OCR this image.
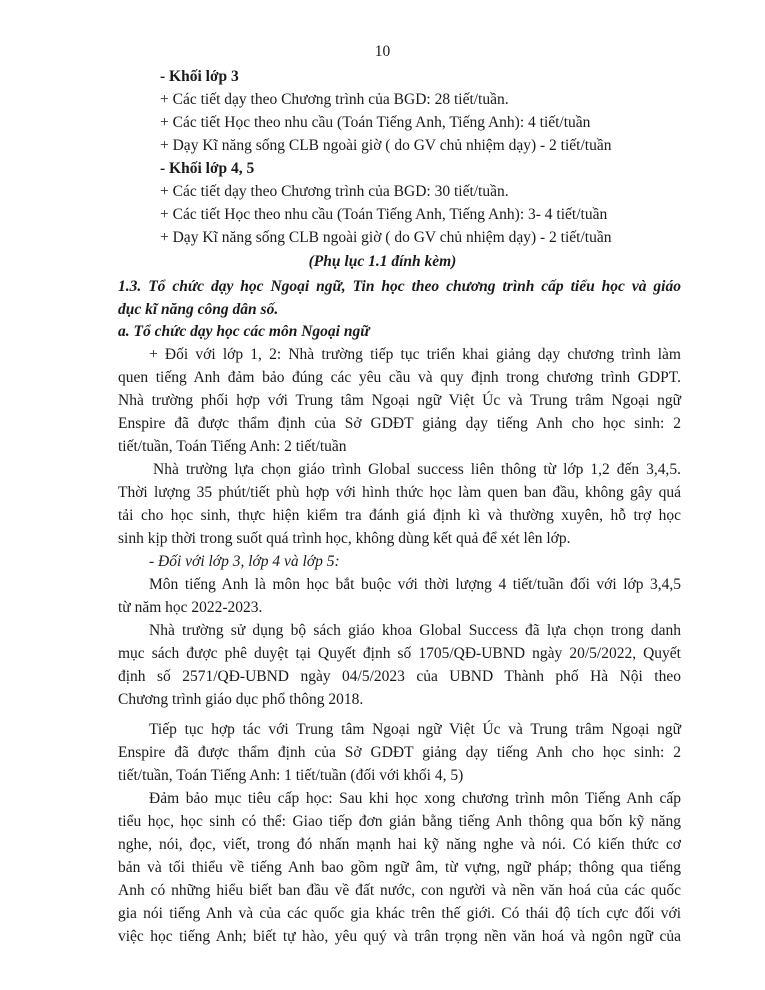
10
- Khối lớp 3
+ Các tiết dạy theo Chương trình của BGD: 28 tiết/tuần.
+ Các tiết Học theo nhu cầu (Toán Tiếng Anh, Tiếng Anh): 4 tiết/tuần
+ Dạy Kĩ năng sống CLB ngoài giờ ( do GV chủ nhiệm dạy) - 2 tiết/tuần
- Khối lớp 4, 5
+ Các tiết dạy theo Chương trình của BGD: 30 tiết/tuần.
+ Các tiết Học theo nhu cầu (Toán Tiếng Anh, Tiếng Anh): 3- 4 tiết/tuần
+ Dạy Kĩ năng sống CLB ngoài giờ ( do GV chủ nhiệm dạy) - 2 tiết/tuần
(Phụ lục 1.1 đính kèm)
1.3. Tổ chức dạy học Ngoại ngữ, Tin học theo chương trình cấp tiểu học và giáo
dục kĩ năng công dân số.
a. Tổ chức dạy học các môn Ngoại ngữ
+ Đối với lớp 1, 2: Nhà trường tiếp tục triển khai giảng dạy chương trình làm
quen tiếng Anh đảm bảo đúng các yêu cầu và quy định trong chương trình GDPT.
Nhà trường phối hợp với Trung tâm Ngoại ngữ Việt Úc và Trung trâm Ngoại ngữ
Enspire đã được thẩm định của Sở GDĐT giảng dạy tiếng Anh cho học sinh: 2
tiết/tuần, Toán Tiếng Anh: 2 tiết/tuần
Nhà trường lựa chọn giáo trình Global success liên thông từ lớp 1,2 đến 3,4,5.
Thời lượng 35 phút/tiết phù hợp với hình thức học làm quen ban đầu, không gây quá
tải cho học sinh, thực hiện kiểm tra đánh giá định kì và thường xuyên, hỗ trợ học
sinh kịp thời trong suốt quá trình học, không dùng kết quả để xét lên lớp.
- Đối với lớp 3, lớp 4 và lớp 5:
Môn tiếng Anh là môn học bắt buộc với thời lượng 4 tiết/tuần đối với lớp 3,4,5
từ năm học 2022-2023.
Nhà trường sử dụng bộ sách giáo khoa Global Success đã lựa chọn trong danh
mục sách được phê duyệt tại Quyết định số 1705/QĐ-UBND ngày 20/5/2022, Quyết
định số 2571/QĐ-UBND ngày 04/5/2023 của UBND Thành phố Hà Nội theo
Chương trình giáo dục phổ thông 2018.
Tiếp tục hợp tác với Trung tâm Ngoại ngữ Việt Úc và Trung trâm Ngoại ngữ
Enspire đã được thẩm định của Sở GDĐT giảng dạy tiếng Anh cho học sinh: 2
tiết/tuần, Toán Tiếng Anh: 1 tiết/tuần (đối với khối 4, 5)
Đảm bảo mục tiêu cấp học: Sau khi học xong chương trình môn Tiếng Anh cấp
tiểu học, học sinh có thể: Giao tiếp đơn giản bằng tiếng Anh thông qua bốn kỹ năng
nghe, nói, đọc, viết, trong đó nhấn mạnh hai kỹ năng nghe và nói. Có kiến thức cơ
bản và tối thiểu về tiếng Anh bao gồm ngữ âm, từ vựng, ngữ pháp; thông qua tiếng
Anh có những hiểu biết ban đầu về đất nước, con người và nền văn hoá của các quốc
gia nói tiếng Anh và của các quốc gia khác trên thế giới. Có thái độ tích cực đối với
việc học tiếng Anh; biết tự hào, yêu quý và trân trọng nền văn hoá và ngôn ngữ của
